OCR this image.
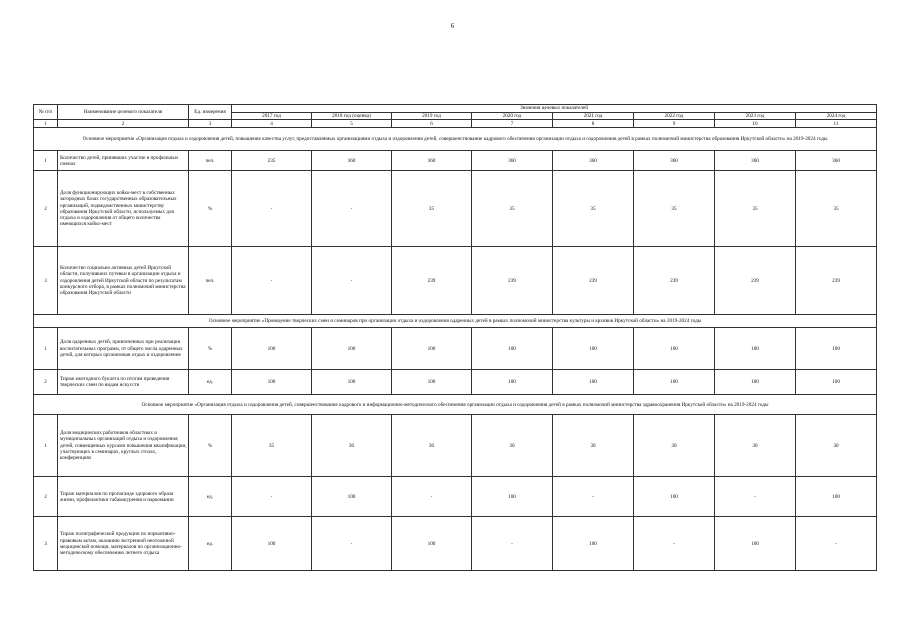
6
№ п/п	Наименование целевого показателя	Ед. измерения	Значения целевых показателей							
			2017 год	2018 год (оценка)	2019 год	2020 год	2021 год	2022 год	2023 год	2024 год
1	2	3	4	5	6	7	8	9	10	11
Основное мероприятие «Организация отдыха и оздоровления детей, повышение качества услуг, предоставляемых организациями отдыха и оздоровления детей, совершенствование кадрового обеспечения организации отдыха и оздоровления детей в рамках полномочий министерства образования Иркутской области» на 2019-2024 годы										
1	Количество детей, принявших участие в профильных сменах	чел.	235	360	360	360	360	360	360	360
2	Доля функционирующих койко-мест в собственных загородных базах государственных образовательных организаций, подведомственных министерству образования Иркутской области, используемых для отдыха и оздоровления от общего количества имеющихся койко-мест	%	-	-	35	35	35	35	35	35
3	Количество социально активных детей Иркутской области, получивших путевки в организации отдыха и оздоровления детей Иркутской области по результатам конкурсного отбора, в рамках полномочий министерства образования Иркутской области	чел.	-	-	239	239	239	239	239	239
Основное мероприятие «Проведение творческих смен и семинаров при организации отдыха и оздоровления одаренных детей в рамках полномочий министерства культуры и архивов Иркутской области» на 2019-2024 годы										
1	Доля одаренных детей, привлеченных при реализации воспитательных программ, от общего числа одаренных детей, для которых организован отдых и оздоровление	%	100	100	100	100	100	100	100	100
2	Тираж ежегодного буклета по итогам проведения творческих смен по видам искусств	ед.	100	100	100	100	100	100	100	100
Основное мероприятие «Организация отдыха и оздоровления детей, совершенствование кадрового и информационно-методического обеспечения организации отдыха и оздоровления детей в рамках полномочий министерства здравоохранения Иркутской области» на 2019-2024 годы										
1	Доля медицинских работников областных и муниципальных организаций отдыха и оздоровления детей, совмещенных курсами повышения квалификации, участвующих в семинарах, круглых столах, конференциях	%	35	30	30	30	30	30	30	30
2	Тираж материалов по пропаганде здорового образа жизни, профилактики табакокурения и наркомании	ед.	-	100	-	100	-	100	-	100
3	Тираж полиграфической продукции по нормативно-правовым актам, оказанию экстренной неотложной медицинской помощи, материалов по организационно-методическому обеспечению летнего отдыха	ед.	100	-	100	-	100	-	100	-
